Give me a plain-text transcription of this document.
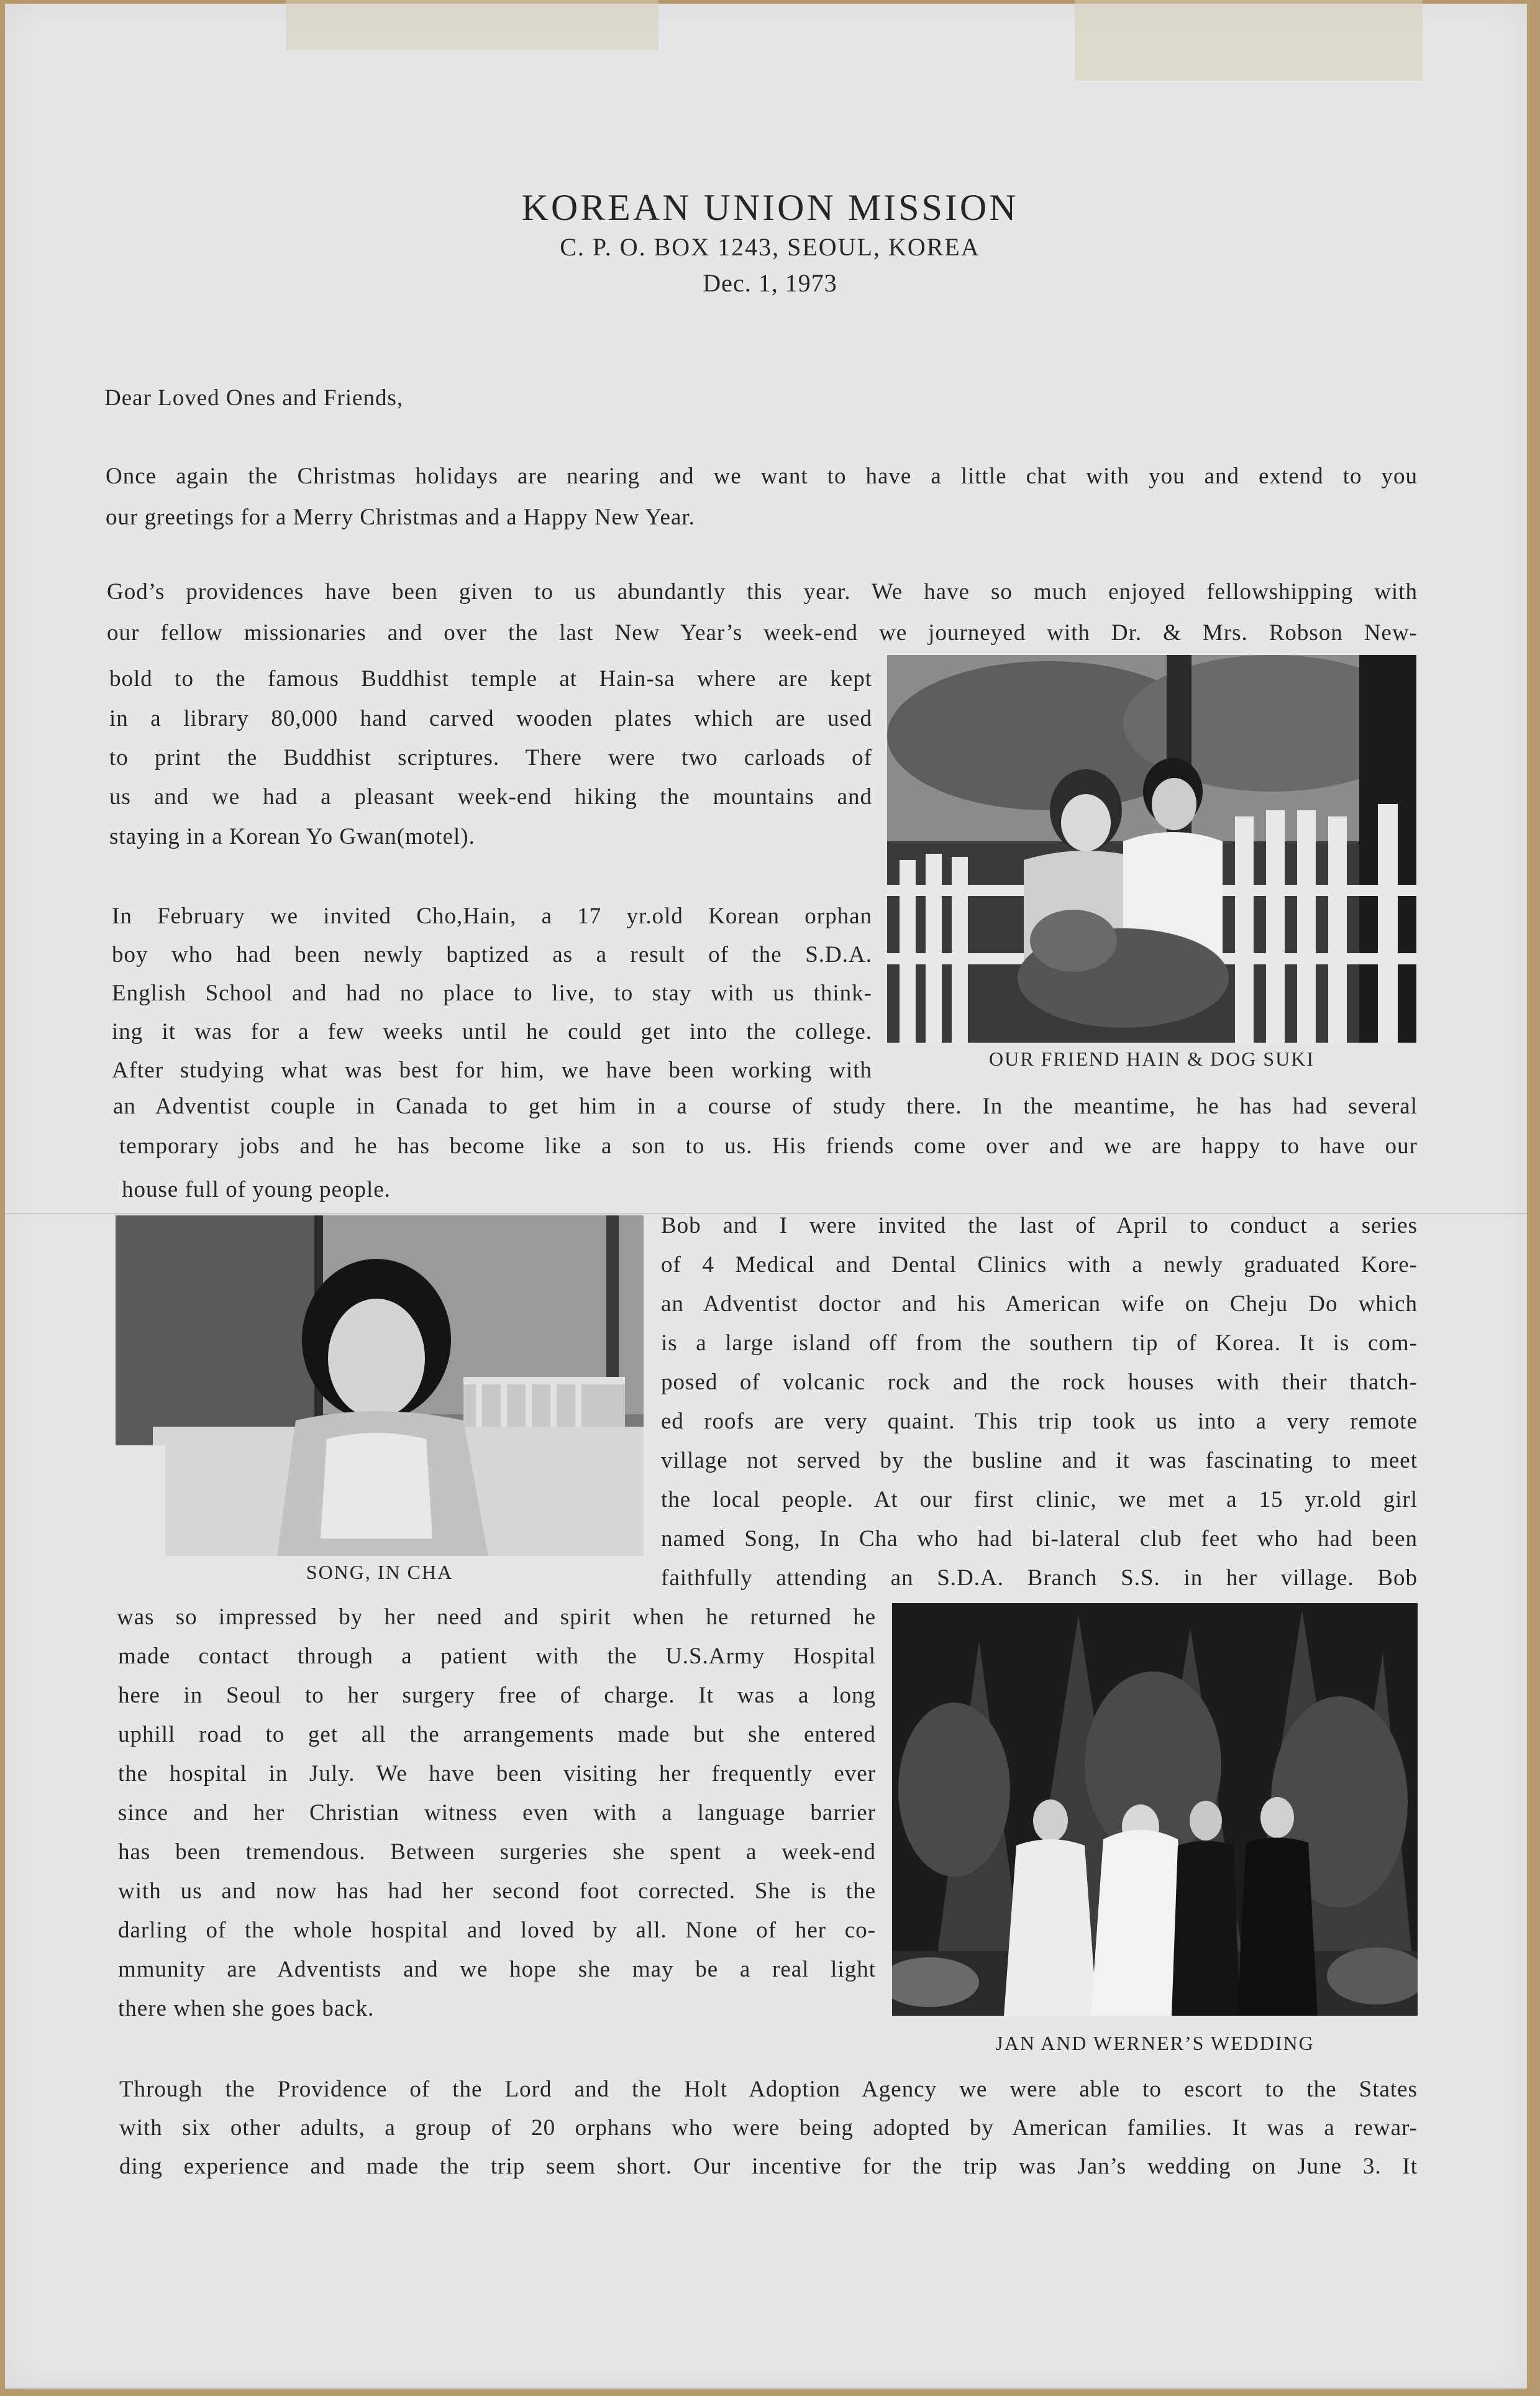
KOREAN UNION MISSION
C. P. O. BOX 1243, SEOUL, KOREA
Dec. 1, 1973
Dear Loved Ones and Friends,
Once again the Christmas holidays are nearing and we want to have a little chat with you and extend to you
our greetings for a Merry Christmas and a Happy New Year.
God’s providences have been given to us abundantly this year. We have so much enjoyed fellowshipping with
our fellow missionaries and over the last New Year’s week-end we journeyed with Dr. & Mrs. Robson New-
bold to the famous Buddhist temple at Hain-sa where are kept
in a library 80,000 hand carved wooden plates which are used
to print the Buddhist scriptures. There were two carloads of
us and we had a pleasant week-end hiking the mountains and
staying in a Korean Yo Gwan(motel).
In February we invited Cho,Hain, a 17 yr.old Korean orphan
boy who had been newly baptized as a result of the S.D.A.
English School and had no place to live, to stay with us think-
ing it was for a few weeks until he could get into the college.
After studying what was best for him, we have been working with
an Adventist couple in Canada to get him in a course of study there. In the meantime, he has had several
temporary jobs and he has become like a son to us. His friends come over and we are happy to have our
house full of young people.
Bob and I were invited the last of April to conduct a series
of 4 Medical and Dental Clinics with a newly graduated Kore-
an Adventist doctor and his American wife on Cheju Do which
is a large island off from the southern tip of Korea. It is com-
posed of volcanic rock and the rock houses with their thatch-
ed roofs are very quaint. This trip took us into a very remote
village not served by the busline and it was fascinating to meet
the local people. At our first clinic, we met a 15 yr.old girl
named Song, In Cha who had bi-lateral club feet who had been
faithfully attending an S.D.A. Branch S.S. in her village. Bob
was so impressed by her need and spirit when he returned he
made contact through a patient with the U.S.Army Hospital
here in Seoul to her surgery free of charge. It was a long
uphill road to get all the arrangements made but she entered
the hospital in July. We have been visiting her frequently ever
since and her Christian witness even with a language barrier
has been tremendous. Between surgeries she spent a week-end
with us and now has had her second foot corrected. She is the
darling of the whole hospital and loved by all. None of her co-
mmunity are Adventists and we hope she may be a real light
there when she goes back.
Through the Providence of the Lord and the Holt Adoption Agency we were able to escort to the States
with six other adults, a group of 20 orphans who were being adopted by American families. It was a rewar-
ding experience and made the trip seem short. Our incentive for the trip was Jan’s wedding on June 3. It
OUR FRIEND HAIN & DOG SUKI
SONG, IN CHA
JAN AND WERNER’S WEDDING
